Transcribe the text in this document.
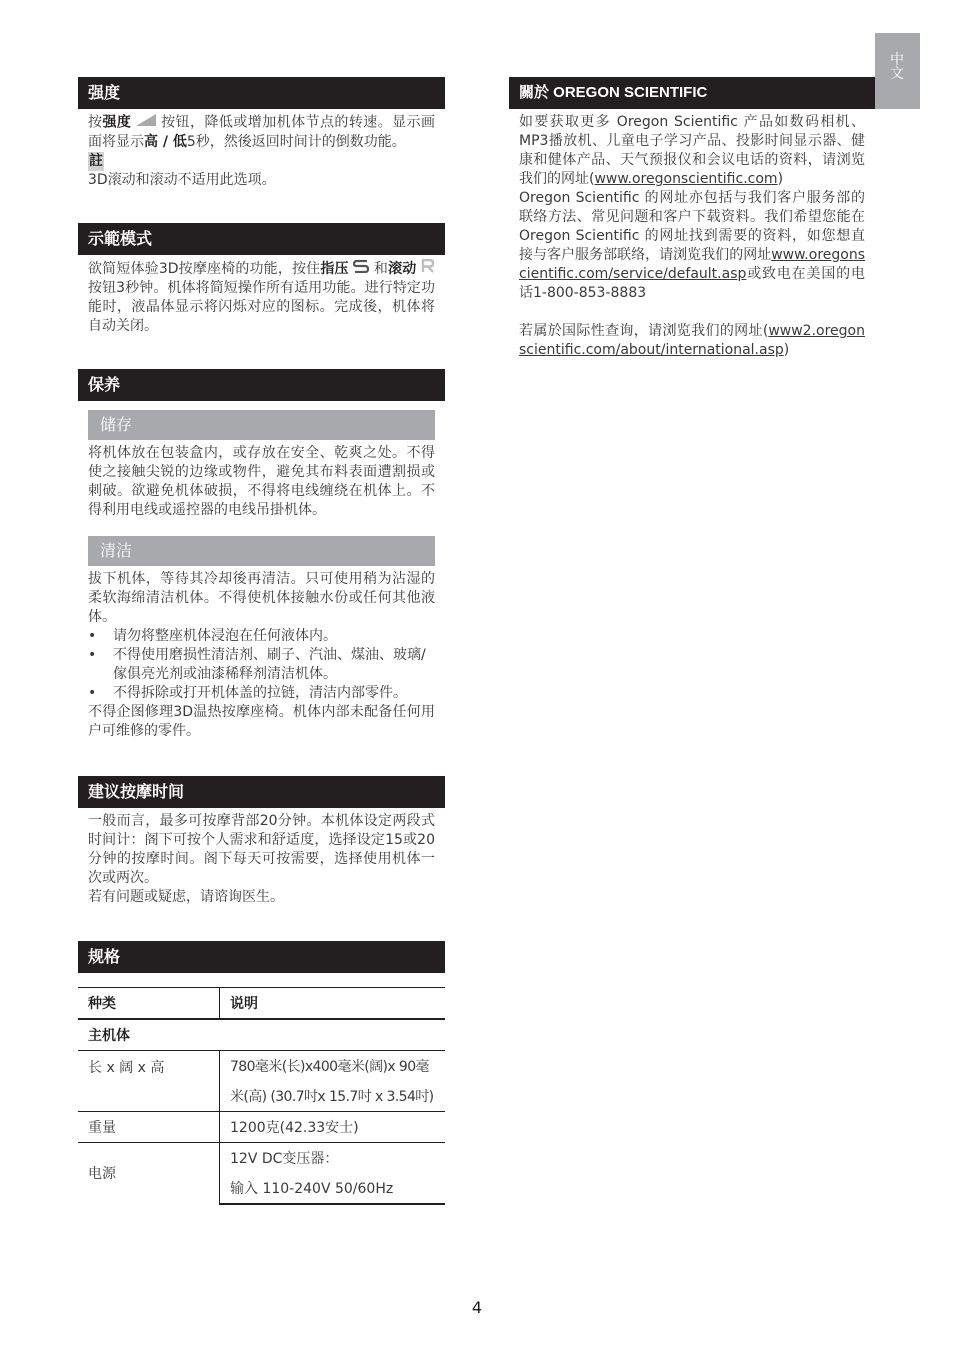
中文
强度

按强度  按钮，降低或增加机体节点的转速。显示画面将显示高 / 低5秒，然後返回时间计的倒数功能。

註

3D滚动和滚动不适用此选项。

示範模式

欲简短体验3D按摩座椅的功能，按住指压  和滚动  按钮3秒钟。机体将简短操作所有适用功能。进行特定功能时，液晶体显示将闪烁对应的图标。完成後，机体将自动关闭。

保养
储存

将机体放在包装盒内，或存放在安全、乾爽之处。不得使之接触尖锐的边缘或物件，避免其布料表面遭割损或刺破。欲避免机体破损，不得将电线缠绕在机体上。不得利用电线或遥控器的电线吊掛机体。

清洁

拔下机体，等待其冷却後再清洁。只可使用稍为沾湿的柔软海绵清洁机体。不得使机体接触水份或任何其他液体。

• 请勿将整座机体浸泡在任何液体内。
• 不得使用磨损性清洁剂、刷子、汽油、煤油、玻璃/傢俱亮光剂或油漆稀释剂清洁机体。
• 不得拆除或打开机体盖的拉链，清洁内部零件。

不得企图修理3D温热按摩座椅。机体内部未配备任何用户可维修的零件。

建议按摩时间

一般而言，最多可按摩背部20分钟。本机体设定两段式时间计：阁下可按个人需求和舒适度，选择设定15或20分钟的按摩时间。阁下每天可按需要，选择使用机体一次或两次。

若有问题或疑虑，请谘询医生。

规格
种类	说明
主机体	
长 x 阔 x 高	780毫米(长)x400毫米(阔)x 90毫
	米(高) (30.7吋x 15.7吋 x 3.54吋)
重量	1200克(42.33安士)
电源	12V DC变压器：
	输入 110-240V 50/60Hz
關於 OREGON SCIENTIFIC

如要获取更多 Oregon Scientific 产品如数码相机、MP3播放机、儿童电子学习产品、投影时间显示器、健康和健体产品、天气预报仪和会议电话的资料，请浏览我们的网址(www.oregonscientific.com)

Oregon Scientific 的网址亦包括与我们客户服务部的联络方法、常见问题和客户下载资料。我们希望您能在 Oregon Scientific 的网址找到需要的资料，如您想直接与客户服务部联络，请浏览我们的网址www.oregonscientific.com/service/default.asp或致电在美国的电话1-800-853-8883

若属於国际性查询，请浏览我们的网址(www2.oregonscientific.com/about/international.asp)

4
